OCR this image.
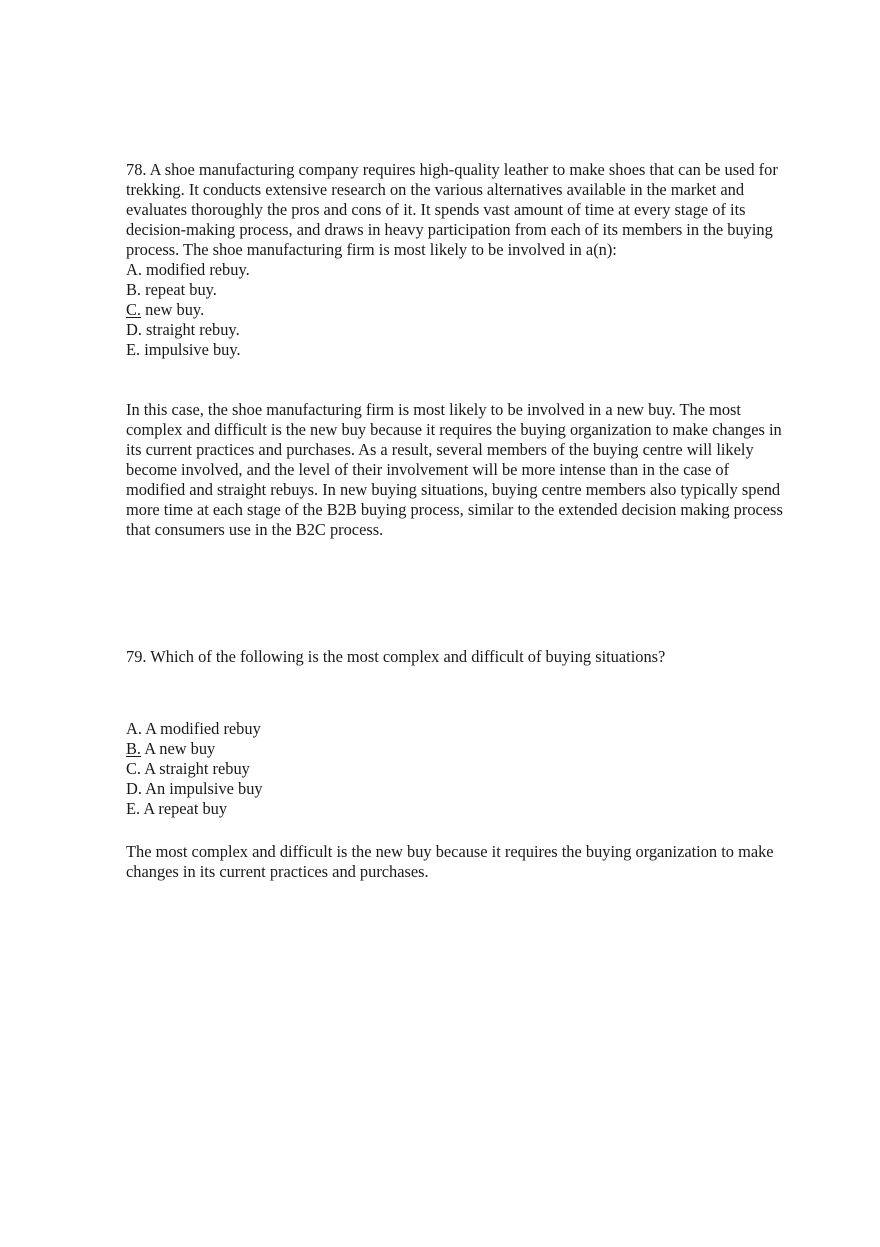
78. A shoe manufacturing company requires high-quality leather to make shoes that can be used for trekking. It conducts extensive research on the various alternatives available in the market and evaluates thoroughly the pros and cons of it. It spends vast amount of time at every stage of its decision-making process, and draws in heavy participation from each of its members in the buying process. The shoe manufacturing firm is most likely to be involved in a(n):

A. modified rebuy.
B. repeat buy.
C. new buy.
D. straight rebuy.
E. impulsive buy.

In this case, the shoe manufacturing firm is most likely to be involved in a new buy. The most complex and difficult is the new buy because it requires the buying organization to make changes in its current practices and purchases. As a result, several members of the buying centre will likely become involved, and the level of their involvement will be more intense than in the case of modified and straight rebuys. In new buying situations, buying centre members also typically spend more time at each stage of the B2B buying process, similar to the extended decision making process that consumers use in the B2C process.

79. Which of the following is the most complex and difficult of buying situations?

A. A modified rebuy
B. A new buy
C. A straight rebuy
D. An impulsive buy
E. A repeat buy

The most complex and difficult is the new buy because it requires the buying organization to make changes in its current practices and purchases.
